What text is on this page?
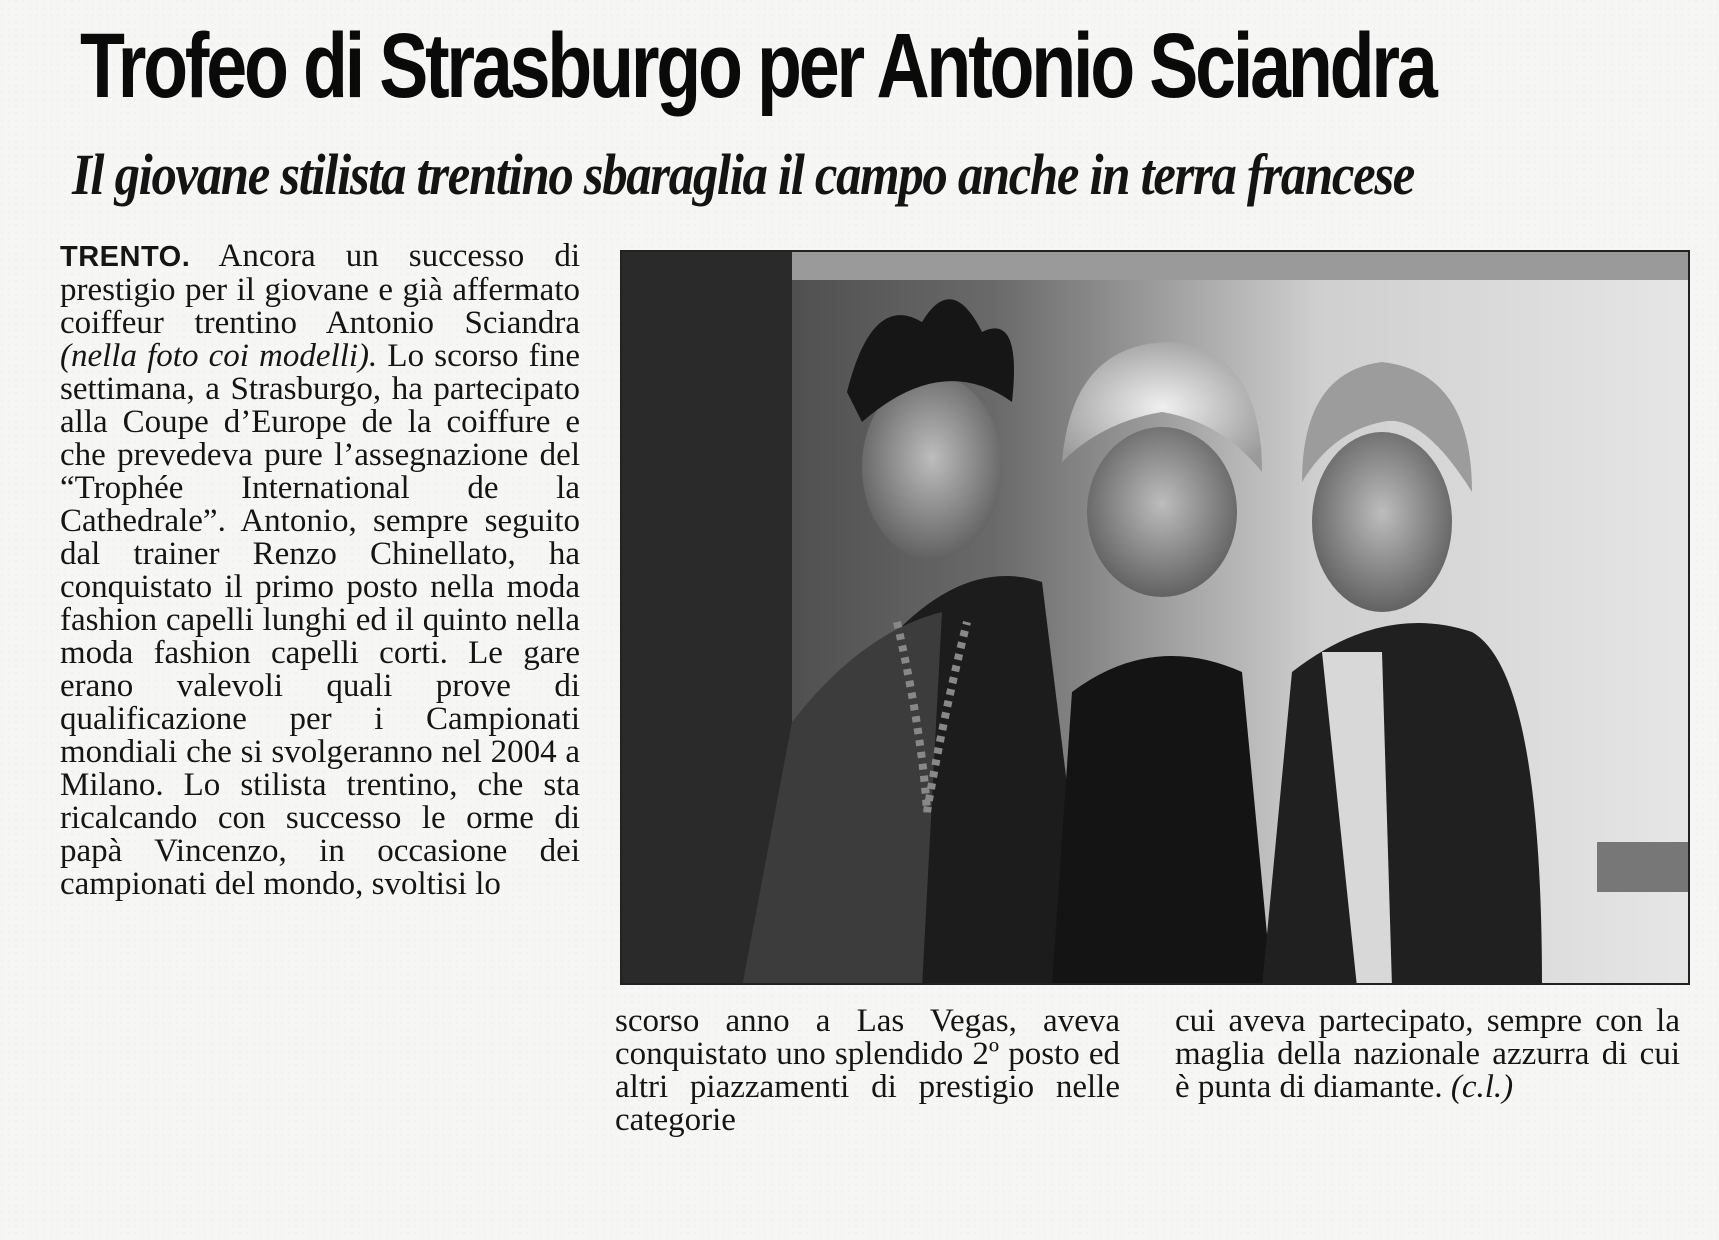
Trofeo di Strasburgo per Antonio Sciandra
Il giovane stilista trentino sbaraglia il campo anche in terra francese

TRENTO. Ancora un successo di prestigio per il giovane e già affermato coiffeur trentino Antonio Sciandra (nella foto coi modelli). Lo scorso fine settimana, a Strasburgo, ha partecipato alla Coupe d’Europe de la coiffure e che prevedeva pure l’assegnazione del “Trophée International de la Cathedrale”. Antonio, sempre seguito dal trainer Renzo Chinellato, ha conquistato il primo posto nella moda fashion capelli lunghi ed il quinto nella moda fashion capelli corti. Le gare erano valevoli quali prove di qualificazione per i Campionati mondiali che si svolgeranno nel 2004 a Milano. Lo stilista trentino, che sta ricalcando con successo le orme di papà Vincenzo, in occasione dei campionati del mondo, svoltisi lo

scorso anno a Las Vegas, aveva conquistato uno splendido 2º posto ed altri piazzamenti di prestigio nelle categorie

cui aveva partecipato, sempre con la maglia della nazionale azzurra di cui è punta di diamante. (c.l.)
